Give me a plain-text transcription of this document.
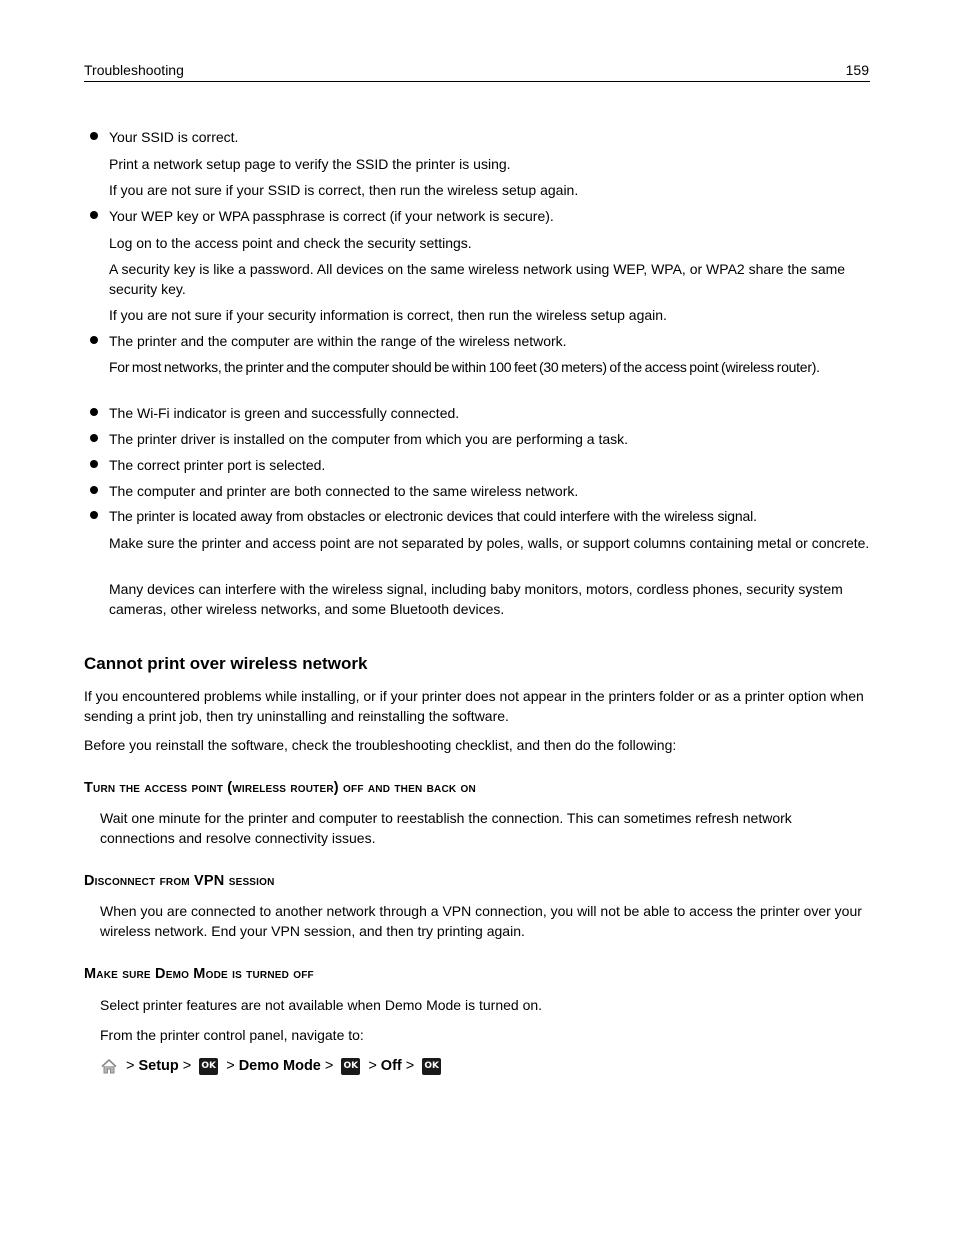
Troubleshooting	159
Your SSID is correct.
Print a network setup page to verify the SSID the printer is using.
If you are not sure if your SSID is correct, then run the wireless setup again.
Your WEP key or WPA passphrase is correct (if your network is secure).
Log on to the access point and check the security settings.
A security key is like a password. All devices on the same wireless network using WEP, WPA, or WPA2 share the same security key.
If you are not sure if your security information is correct, then run the wireless setup again.
The printer and the computer are within the range of the wireless network.
For most networks, the printer and the computer should be within 100 feet (30 meters) of the access point (wireless router).
The Wi-Fi indicator is green and successfully connected.
The printer driver is installed on the computer from which you are performing a task.
The correct printer port is selected.
The computer and printer are both connected to the same wireless network.
The printer is located away from obstacles or electronic devices that could interfere with the wireless signal.
Make sure the printer and access point are not separated by poles, walls, or support columns containing metal or concrete.
Many devices can interfere with the wireless signal, including baby monitors, motors, cordless phones, security system cameras, other wireless networks, and some Bluetooth devices.
Cannot print over wireless network
If you encountered problems while installing, or if your printer does not appear in the printers folder or as a printer option when sending a print job, then try uninstalling and reinstalling the software.
Before you reinstall the software, check the troubleshooting checklist, and then do the following:
Turn the access point (wireless router) off and then back on
Wait one minute for the printer and computer to reestablish the connection. This can sometimes refresh network connections and resolve connectivity issues.
Disconnect from VPN session
When you are connected to another network through a VPN connection, you will not be able to access the printer over your wireless network. End your VPN session, and then try printing again.
Make sure Demo Mode is turned off
Select printer features are not available when Demo Mode is turned on.
From the printer control panel, navigate to:
> Setup > OK > Demo Mode > OK > Off > OK
